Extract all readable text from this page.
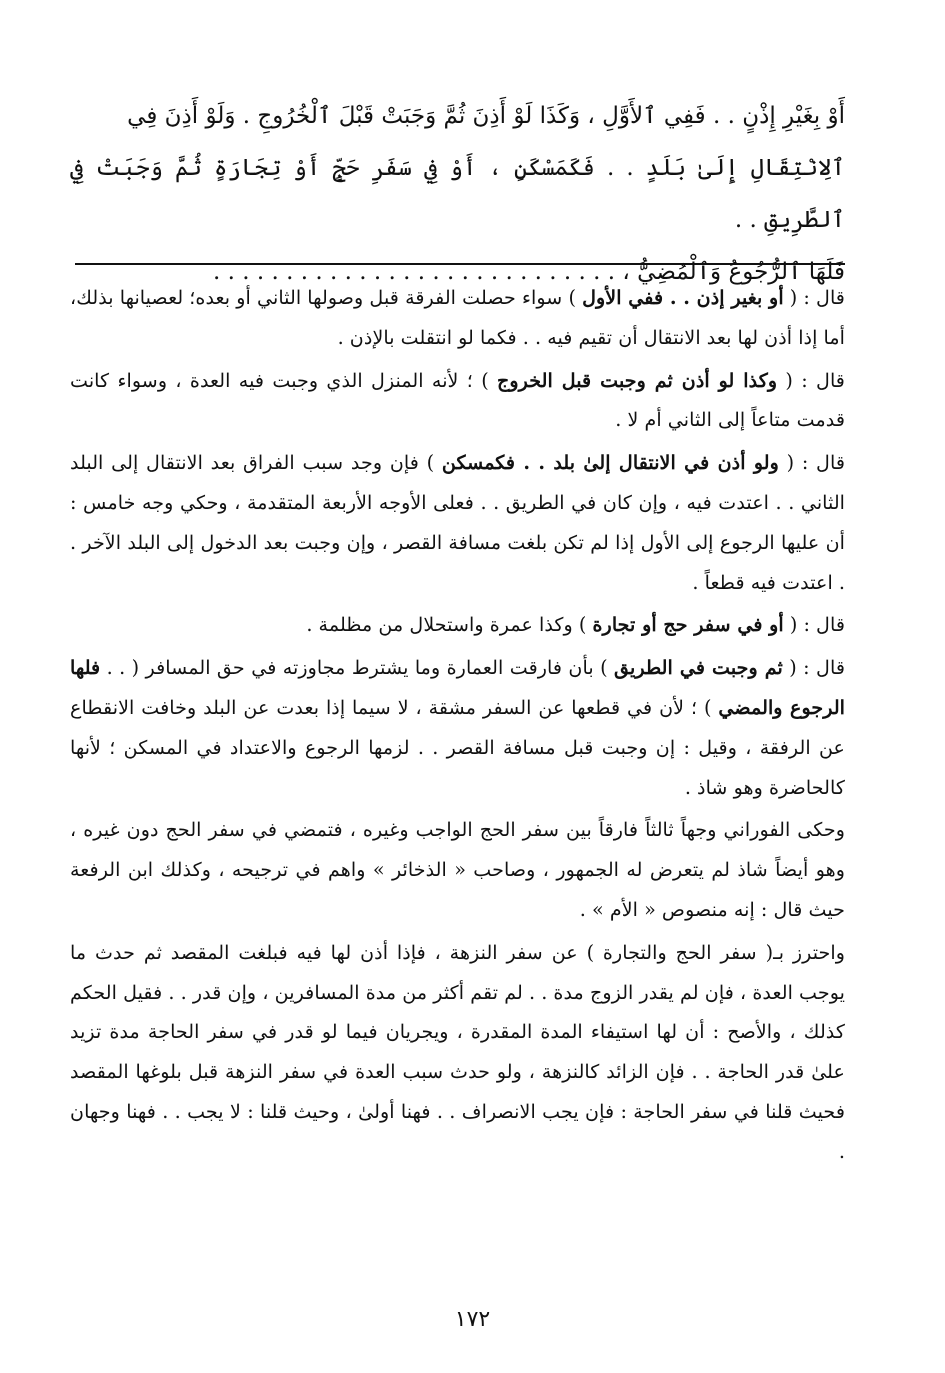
أَوْ بِغَيْرِ إِذْنٍ . . فَفِي ٱلأَوَّلِ ، وَكَذَا لَوْ أَذِنَ ثُمَّ وَجَبَتْ قَبْلَ ٱلْخُرُوجِ . وَلَوْ أَذِنَ فِي

ٱلِانْتِقَالِ إِلَىٰ بَلَدٍ . . فَكَمَسْكَنٍ ، أَوْ فِي سَفَرِ حَجٍّ أَوْ تِجَارَةٍ ثُمَّ وَجَبَتْ فِي ٱلطَّرِيقِ . .

فَلَهَا ٱلرُّجُوعُ وَٱلْمُضِيُّ ، . . . . . . . . . . . . . . . . . . . . . . . . . . . .

قال : ( أو بغير إذن . . ففي الأول ) سواء حصلت الفرقة قبل وصولها الثاني أو بعده؛ لعصيانها بذلك، أما إذا أذن لها بعد الانتقال أن تقيم فيه . . فكما لو انتقلت بالإذن .

قال : ( وكذا لو أذن ثم وجبت قبل الخروج ) ؛ لأنه المنزل الذي وجبت فيه العدة ، وسواء كانت قدمت متاعاً إلى الثاني أم لا .

قال : ( ولو أذن في الانتقال إلىٰ بلد . . فكمسكن ) فإن وجد سبب الفراق بعد الانتقال إلى البلد الثاني . . اعتدت فيه ، وإن كان في الطريق . . فعلى الأوجه الأربعة المتقدمة ، وحكي وجه خامس : أن عليها الرجوع إلى الأول إذا لم تكن بلغت مسافة القصر ، وإن وجبت بعد الدخول إلى البلد الآخر . . اعتدت فيه قطعاً .

قال : ( أو في سفر حج أو تجارة ) وكذا عمرة واستحلال من مظلمة .

قال : ( ثم وجبت في الطريق ) بأن فارقت العمارة وما يشترط مجاوزته في حق المسافر ( . . فلها الرجوع والمضي ) ؛ لأن في قطعها عن السفر مشقة ، لا سيما إذا بعدت عن البلد وخافت الانقطاع عن الرفقة ، وقيل : إن وجبت قبل مسافة القصر . . لزمها الرجوع والاعتداد في المسكن ؛ لأنها كالحاضرة وهو شاذ .

وحكى الفوراني وجهاً ثالثاً فارقاً بين سفر الحج الواجب وغيره ، فتمضي في سفر الحج دون غيره ، وهو أيضاً شاذ لم يتعرض له الجمهور ، وصاحب « الذخائر » واهم في ترجيحه ، وكذلك ابن الرفعة حيث قال : إنه منصوص « الأم » .

واحترز بـ( سفر الحج والتجارة ) عن سفر النزهة ، فإذا أذن لها فيه فبلغت المقصد ثم حدث ما يوجب العدة ، فإن لم يقدر الزوج مدة . . لم تقم أكثر من مدة المسافرين ، وإن قدر . . فقيل الحكم كذلك ، والأصح : أن لها استيفاء المدة المقدرة ، ويجريان فيما لو قدر في سفر الحاجة مدة تزيد علىٰ قدر الحاجة . . فإن الزائد كالنزهة ، ولو حدث سبب العدة في سفر النزهة قبل بلوغها المقصد فحيث قلنا في سفر الحاجة : فإن يجب الانصراف . . فهنا أولىٰ ، وحيث قلنا : لا يجب . . فهنا وجهان .

١٧٢
